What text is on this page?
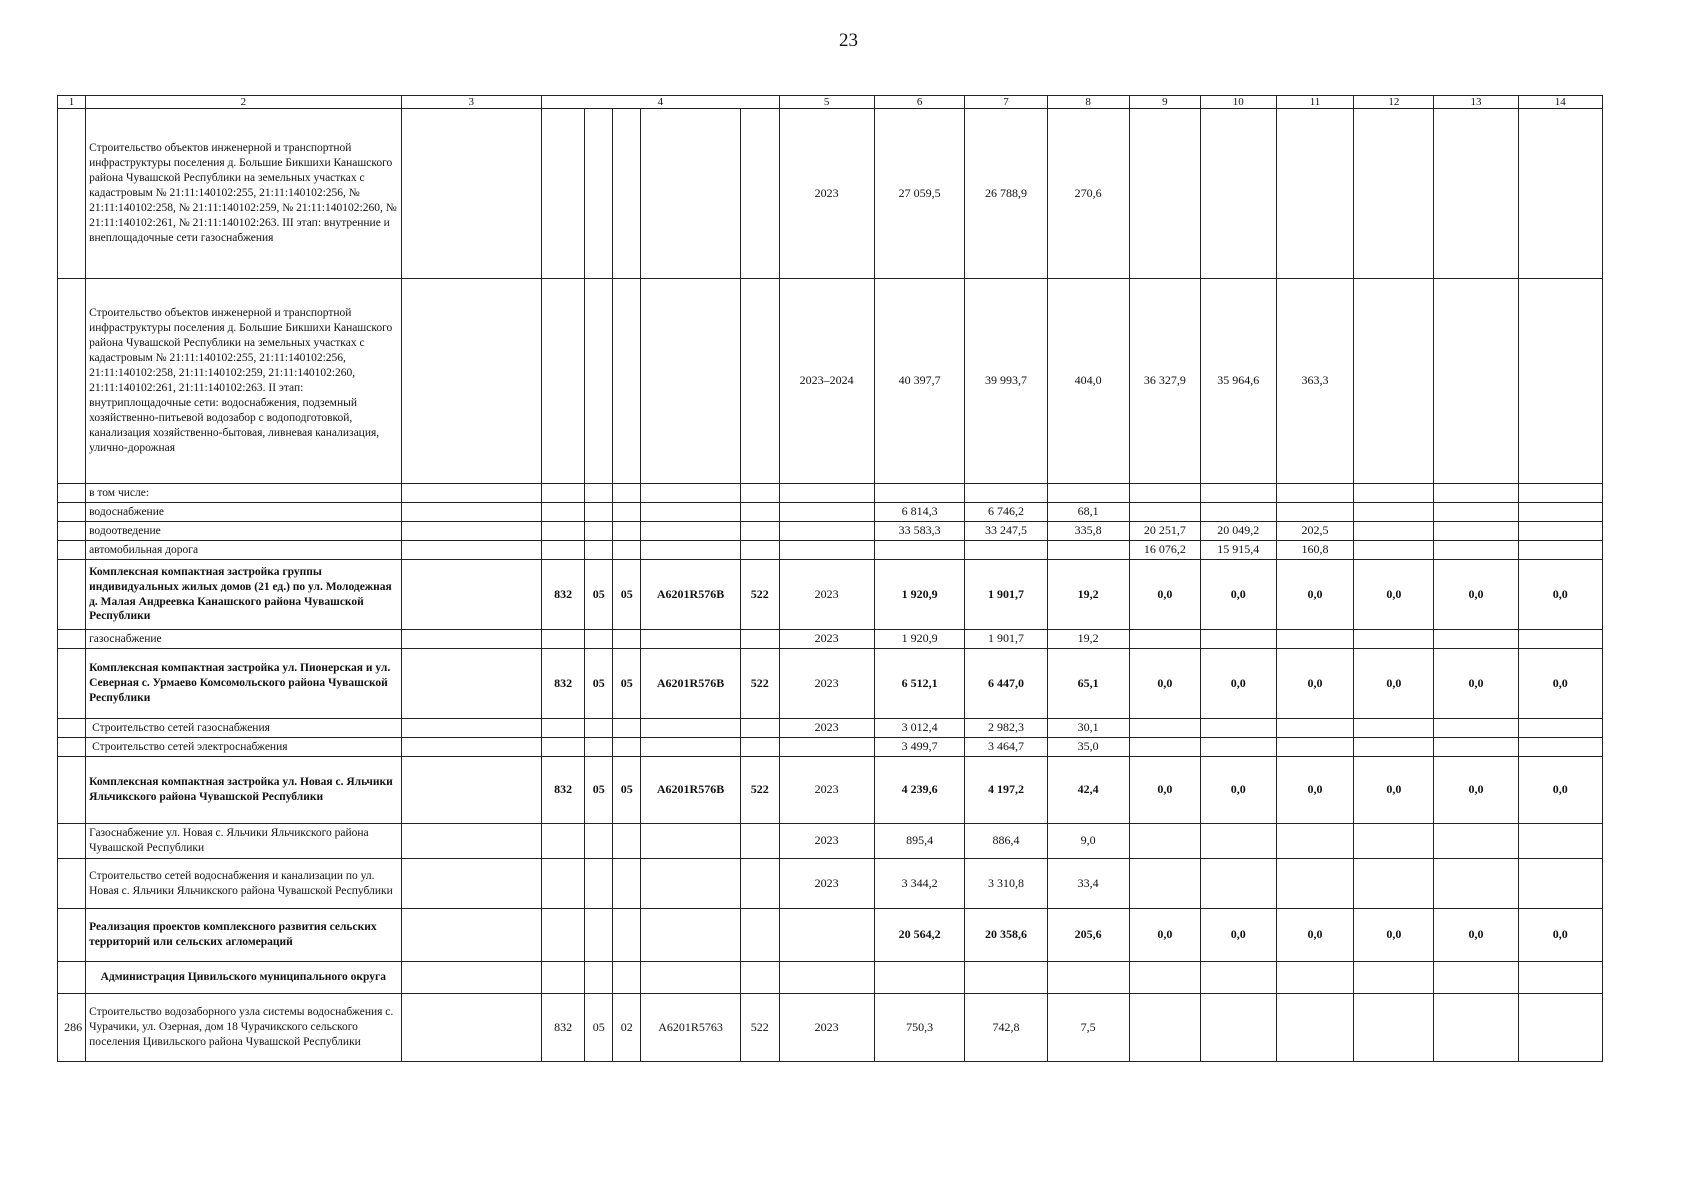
23
1	2	3	4					5	6	7	8	9	10	11	12	13	14
	Строительство объектов инженерной и транспортной инфраструктуры поселения д. Большие Бикшихи Канашского района Чувашской Республики на земельных участках с кадастровым № 21:11:140102:255, 21:11:140102:256, № 21:11:140102:258, № 21:11:140102:259, № 21:11:140102:260, № 21:11:140102:261, № 21:11:140102:263. III этап: внутренние и внеплощадочные сети газоснабжения							2023	27 059,5	26 788,9	270,6						
	Строительство объектов инженерной и транспортной инфраструктуры поселения д. Большие Бикшихи Канашского района Чувашской Республики на земельных участках с кадастровым № 21:11:140102:255, 21:11:140102:256, 21:11:140102:258, 21:11:140102:259, 21:11:140102:260, 21:11:140102:261, 21:11:140102:263. II этап: внутриплощадочные сети: водоснабжения, подземный хозяйственно-питьевой водозабор с водоподготовкой, канализация хозяйственно-бытовая, ливневая канализация, улично-дорожная							2023–2024	40 397,7	39 993,7	404,0	36 327,9	35 964,6	363,3			
	в том числе:																
	водоснабжение								6 814,3	6 746,2	68,1						
	водоотведение								33 583,3	33 247,5	335,8	20 251,7	20 049,2	202,5			
	автомобильная дорога											16 076,2	15 915,4	160,8			
	Комплексная компактная застройка группы индивидуальных жилых домов (21 ед.) по ул. Молодежная д. Малая Андреевка Канашского района Чувашской Республики		832	05	05	A6201R576B	522	2023	1 920,9	1 901,7	19,2	0,0	0,0	0,0	0,0	0,0	0,0
	газоснабжение							2023	1 920,9	1 901,7	19,2						
	Комплексная компактная застройка ул. Пионерская и ул. Северная с. Урмаево Комсомольского района Чувашской Республики		832	05	05	A6201R576B	522	2023	6 512,1	6 447,0	65,1	0,0	0,0	0,0	0,0	0,0	0,0
	Строительство сетей газоснабжения							2023	3 012,4	2 982,3	30,1						
	Строительство сетей электроснабжения								3 499,7	3 464,7	35,0						
	Комплексная компактная застройка ул. Новая с. Яльчики Яльчикского района Чувашской Республики		832	05	05	A6201R576B	522	2023	4 239,6	4 197,2	42,4	0,0	0,0	0,0	0,0	0,0	0,0
	Газоснабжение ул. Новая с. Яльчики Яльчикского района Чувашской Республики							2023	895,4	886,4	9,0						
	Строительство сетей водоснабжения и канализации по ул. Новая с. Яльчики Яльчикского района Чувашской Республики							2023	3 344,2	3 310,8	33,4						
	Реализация проектов комплексного развития сельских территорий или сельских агломераций								20 564,2	20 358,6	205,6	0,0	0,0	0,0	0,0	0,0	0,0
	Администрация Цивильского муниципального округа																
286	Строительство водозаборного узла системы водоснабжения с. Чурачики, ул. Озерная, дом 18 Чурачикского сельского поселения Цивильского района Чувашской Республики		832	05	02	A6201R5763	522	2023	750,3	742,8	7,5						
